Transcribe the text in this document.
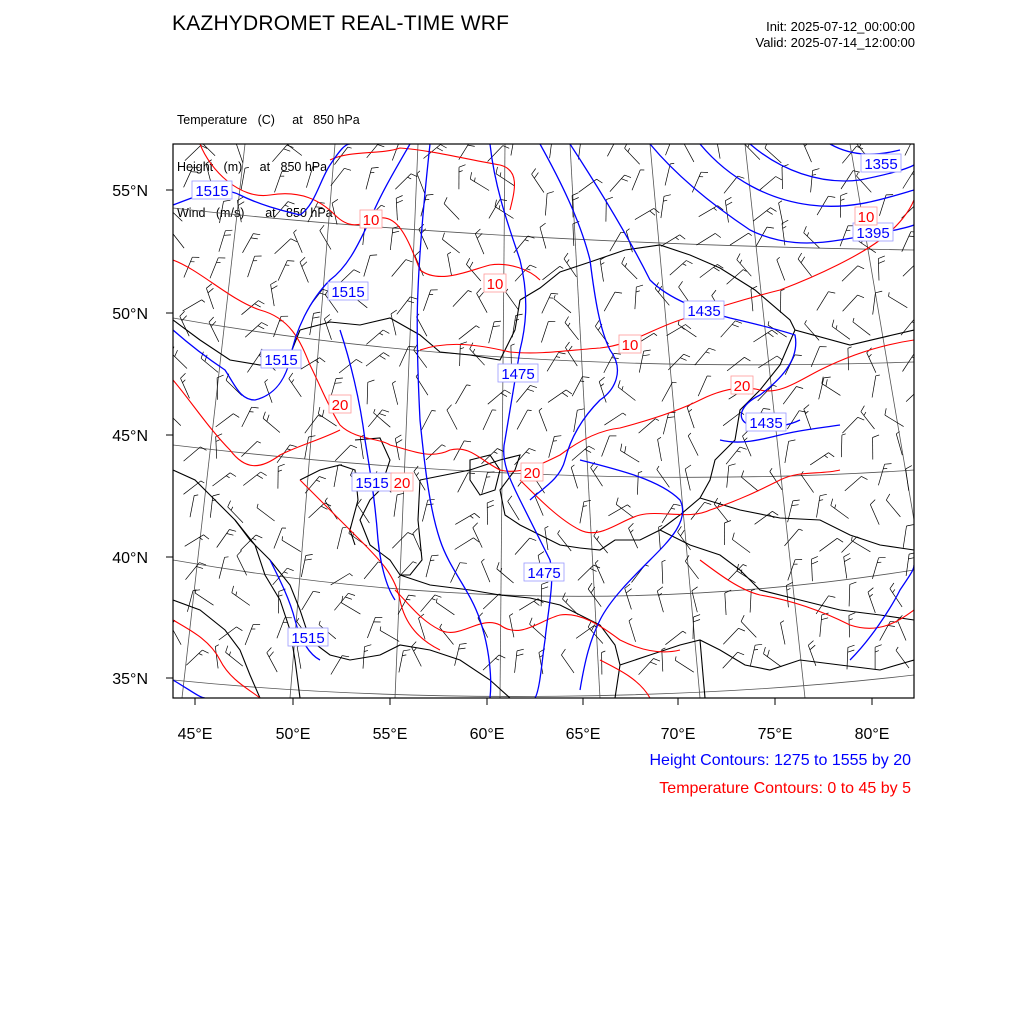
KAZHYDROMET REAL-TIME WRF	Init: 2025-07-12_00:00:00
Valid: 2025-07-14_12:00:00

Temperature   (C)     at   850 hPa

Height   (m)     at   850 hPa

Wind   (m/s)      at   850 hPa

55°N
50°N
45°N
40°N
35°N
45°E	50°E	55°E	60°E	65°E	70°E	75°E	80°E
1515
1515
1515
1515
1515
1475
1475
1435
1435
1395
1355
10
10
10
10
20
20
20
20
Height Contours: 1275 to 1555 by 20
Temperature Contours: 0 to 45 by 5
